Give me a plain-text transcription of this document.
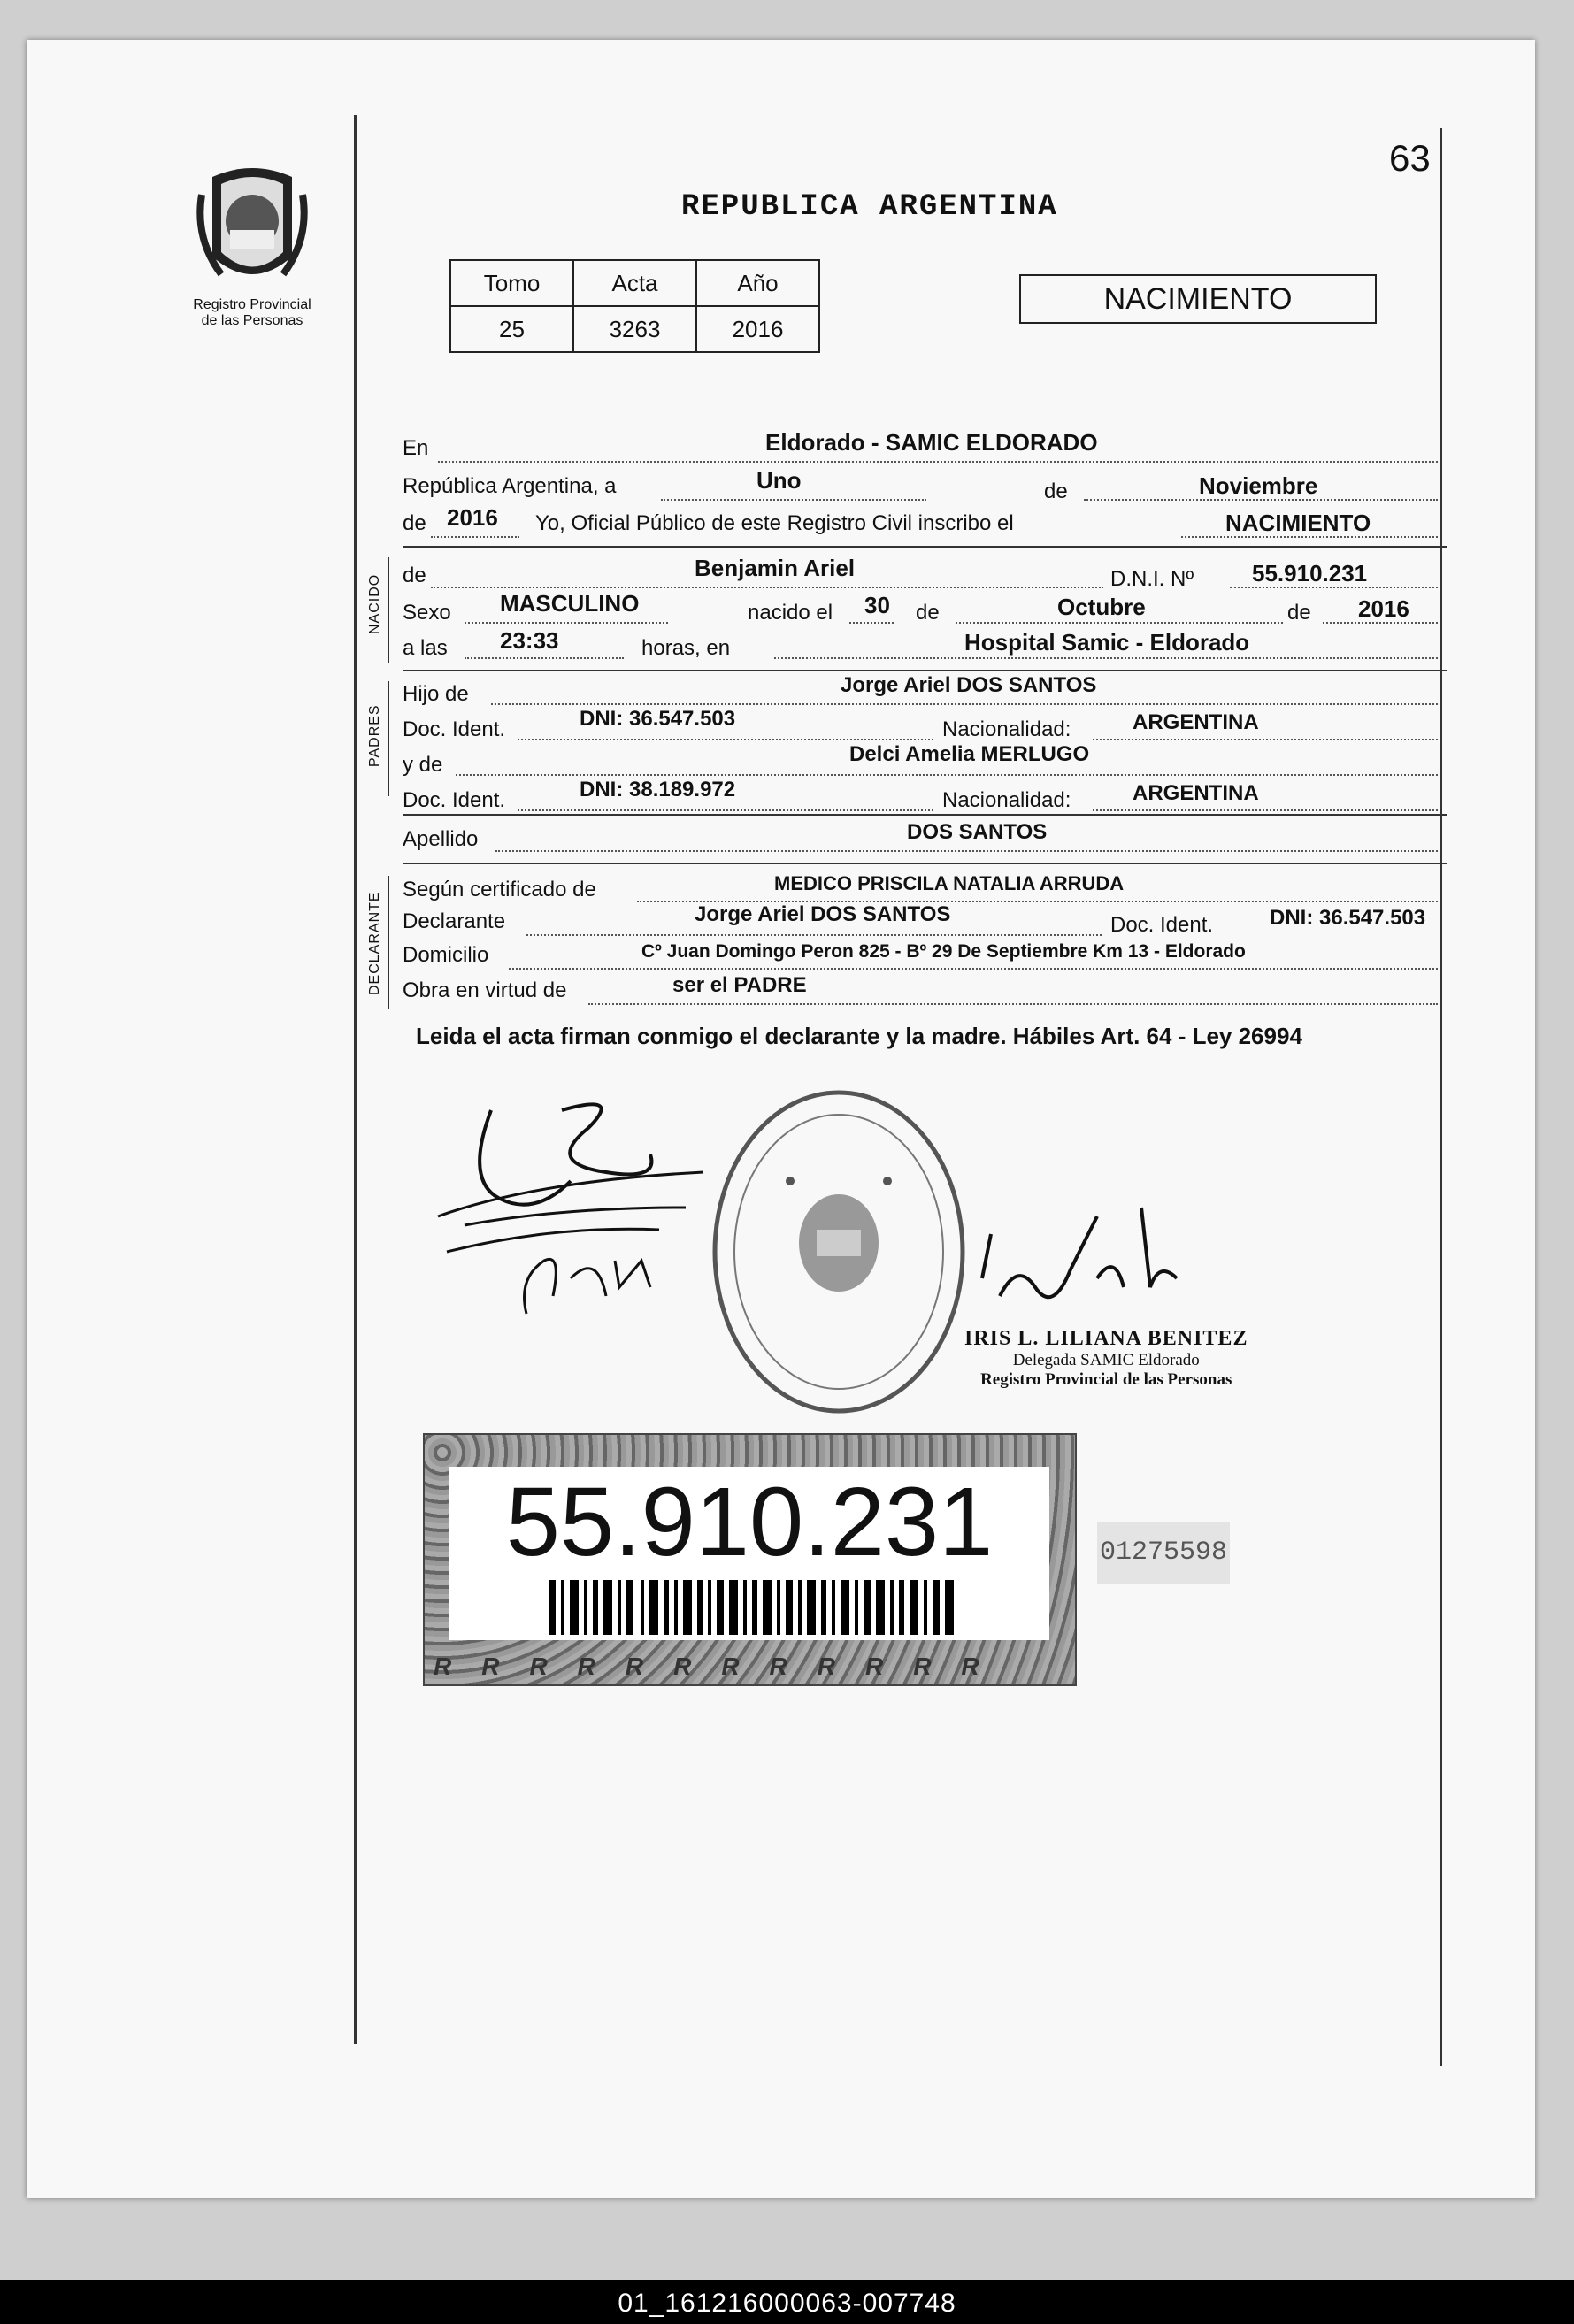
Registro Provincial
de las Personas
63
REPUBLICA ARGENTINA
Tomo	Acta	Año
25	3263	2016
NACIMIENTO
En	Eldorado - SAMIC ELDORADO
República Argentina, a	Uno	de	Noviembre
de 2016 Yo, Oficial Público de este Registro Civil inscribo el	NACIMIENTO
NACIDO de	Benjamin Ariel	D.N.I. Nº	55.910.231
Sexo MASCULINO	nacido el 30 de	Octubre	de 2016
a las 23:33	horas, en	Hospital Samic - Eldorado
PADRES
Hijo de	Jorge Ariel DOS SANTOS
Doc. Ident.	DNI: 36.547.503	Nacionalidad:	ARGENTINA
y de	Delci Amelia MERLUGO
Doc. Ident.	DNI: 38.189.972	Nacionalidad:	ARGENTINA
Apellido	DOS SANTOS
DECLARANTE
Según certificado de	MEDICO PRISCILA NATALIA ARRUDA
Declarante	Jorge Ariel DOS SANTOS	Doc. Ident.	DNI: 36.547.503
Domicilio	Cº Juan Domingo Peron 825 - Bº 29 De Septiembre Km 13 - Eldorado
Obra en virtud de	ser el PADRE
Leida el acta firman conmigo el declarante y la madre. Hábiles Art. 64 - Ley 26994
IRIS L. LILIANA BENITEZ
Delegada SAMIC Eldorado
Registro Provincial de las Personas
55.910.231
RRRRRRRRRRRR
01275598
01_161216000063-007748
